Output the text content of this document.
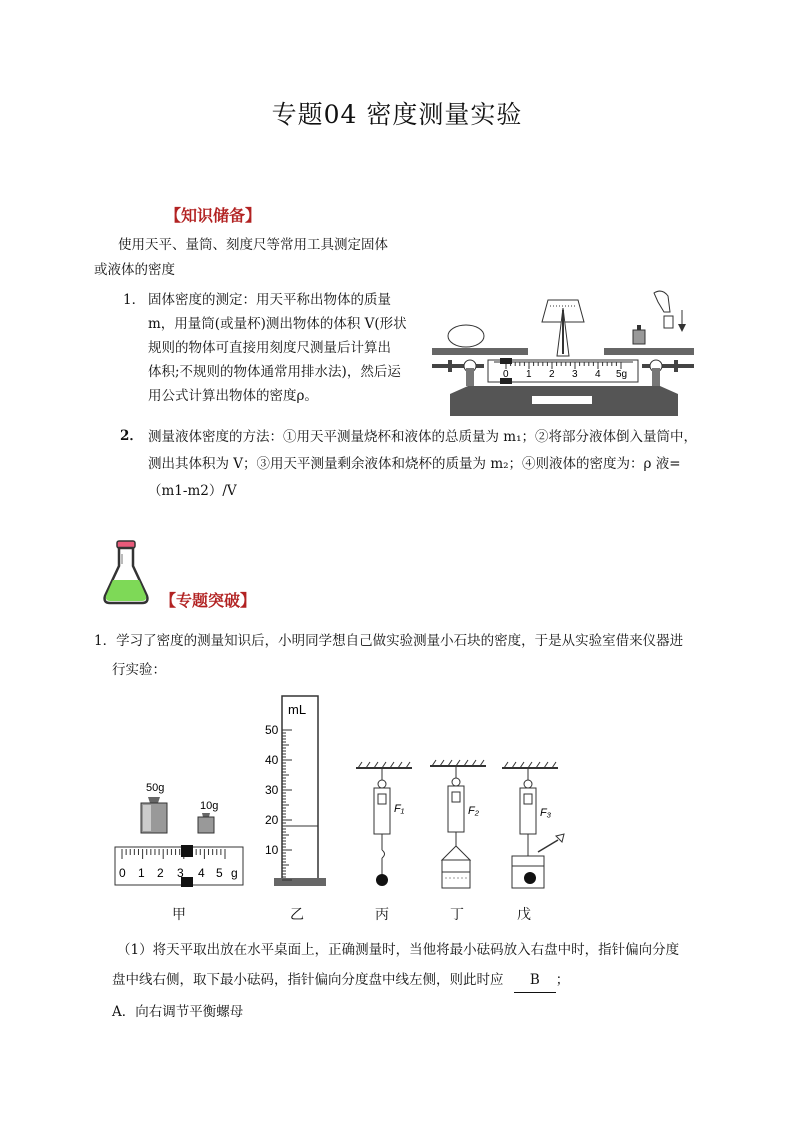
专题04 密度测量实验
【知识储备】
使用天平、量筒、刻度尺等常用工具测定固体
或液体的密度
1． 固体密度的测定：用天平称出物体的质量
m，用量筒(或量杯)测出物体的体积 V(形状
规则的物体可直接用刻度尺测量后计算出
体积;不规则的物体通常用排水法)，然后运
用公式计算出物体的密度ρ。
0 1 2 3 4 5g
2． 测量液体密度的方法：①用天平测量烧杯和液体的总质量为 m₁；②将部分液体倒入量筒中，
测出其体积为 V；③用天平测量剩余液体和烧杯的质量为 m₂；④则液体的密度为：ρ 液=
（m1-m2）/V
【专题突破】
1．学习了密度的测量知识后，小明同学想自己做实验测量小石块的密度，于是从实验室借来仪器进
行实验：
50g
10g
0 1 2 3 4 5 g
甲
mL
50
40
30
20
10
乙
F₁
丙
F₂
丁
F₃
戊
（1）将天平取出放在水平桌面上，正确测量时，当他将最小砝码放入右盘中时，指针偏向分度
盘中线右侧，取下最小砝码，指针偏向分度盘中线左侧，则此时应 B ；
A．向右调节平衡螺母
